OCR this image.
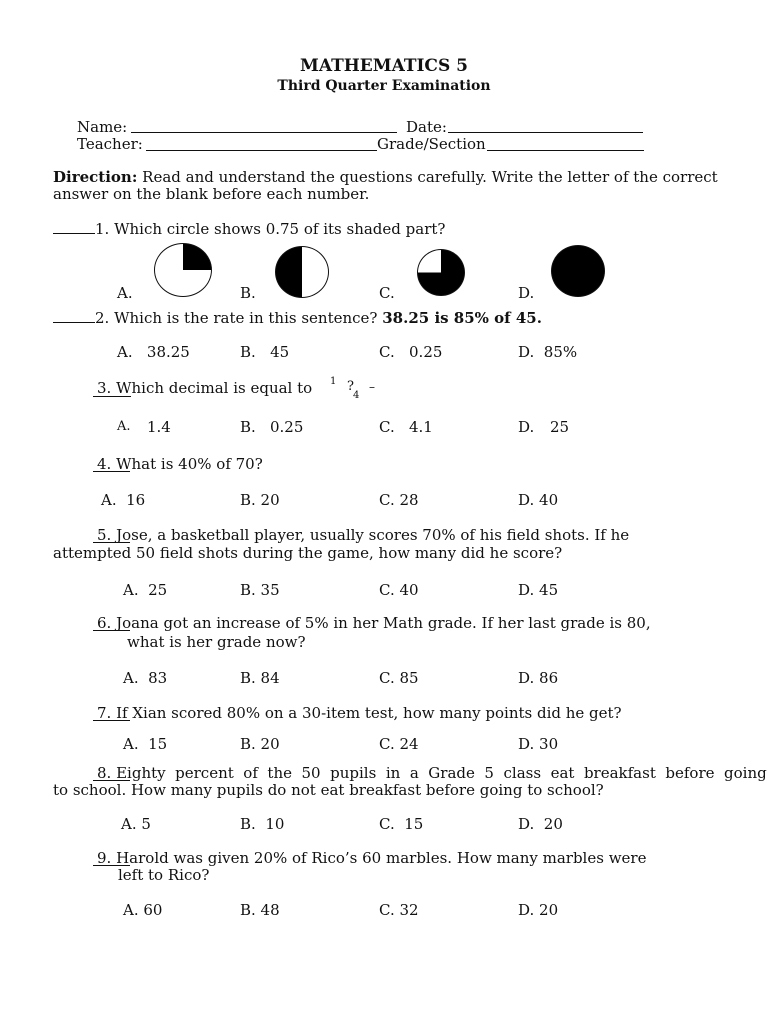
MATHEMATICS 5
Third Quarter Examination
Name:	Date:
Teacher:	Grade/Section
Direction: Read and understand the questions carefully. Write the letter of the correct
answer on the blank before each number.
1. Which circle shows 0.75 of its shaded part?
A.	B.	C.	D.
2. Which is the rate in this sentence? 38.25 is 85% of 45.
A.   38.25	B.   45	C.   0.25	D.  85%
3. Which decimal is equal to 1 ?
4
–
A. 1.4	B. 0.25	C. 4.1	D. 25
4. What is 40% of 70?
A.  16	B. 20	C. 28	D. 40
5. Jose, a basketball player, usually scores 70% of his field shots. If he
attempted 50 field shots during the game, how many did he score?
A.  25	B. 35	C. 40	D. 45
6. Joana got an increase of 5% in her Math grade. If her last grade is 80,
what is her grade now?
A.  83	B. 84	C. 85	D. 86
7. If Xian scored 80% on a 30-item test, how many points did he get?
A.  15	B. 20	C. 24	D. 30
8. Eighty  percent  of  the  50  pupils  in  a  Grade  5  class  eat  breakfast  before  going
to school. How many pupils do not eat breakfast before going to school?
A. 5	B.  10	C.  15	D.  20
9. Harold was given 20% of Rico’s 60 marbles. How many marbles were
left to Rico?
A. 60	B. 48	C. 32	D. 20
